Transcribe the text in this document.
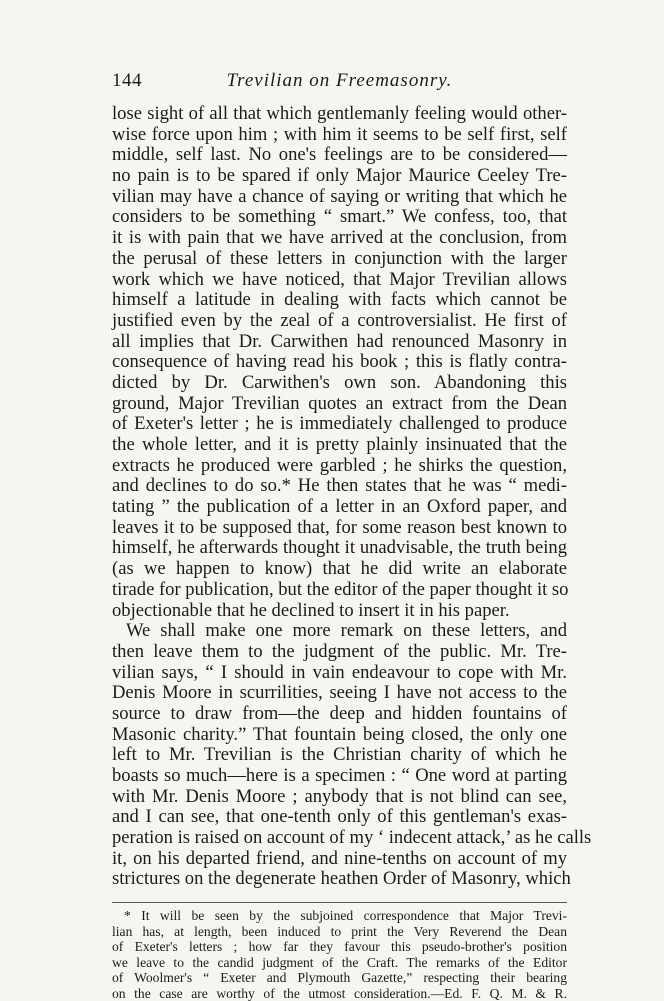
144	Trevilian on Freemasonry.
lose sight of all that which gentlemanly feeling would other-
wise force upon him ; with him it seems to be self first, self
middle, self last. No one's feelings are to be considered—
no pain is to be spared if only Major Maurice Ceeley Tre-
vilian may have a chance of saying or writing that which he
considers to be something “ smart.” We confess, too, that
it is with pain that we have arrived at the conclusion, from
the perusal of these letters in conjunction with the larger
work which we have noticed, that Major Trevilian allows
himself a latitude in dealing with facts which cannot be
justified even by the zeal of a controversialist. He first of
all implies that Dr. Carwithen had renounced Masonry in
consequence of having read his book ; this is flatly contra-
dicted by Dr. Carwithen's own son. Abandoning this
ground, Major Trevilian quotes an extract from the Dean
of Exeter's letter ; he is immediately challenged to produce
the whole letter, and it is pretty plainly insinuated that the
extracts he produced were garbled ; he shirks the question,
and declines to do so.* He then states that he was “ medi-
tating ” the publication of a letter in an Oxford paper, and
leaves it to be supposed that, for some reason best known to
himself, he afterwards thought it unadvisable, the truth being
(as we happen to know) that he did write an elaborate
tirade for publication, but the editor of the paper thought it so
objectionable that he declined to insert it in his paper.
We shall make one more remark on these letters, and
then leave them to the judgment of the public. Mr. Tre-
vilian says, “ I should in vain endeavour to cope with Mr.
Denis Moore in scurrilities, seeing I have not access to the
source to draw from—the deep and hidden fountains of
Masonic charity.” That fountain being closed, the only one
left to Mr. Trevilian is the Christian charity of which he
boasts so much—here is a specimen : “ One word at parting
with Mr. Denis Moore ; anybody that is not blind can see,
and I can see, that one-tenth only of this gentleman's exas-
peration is raised on account of my ‘ indecent attack,’ as he calls
it, on his departed friend, and nine-tenths on account of my
strictures on the degenerate heathen Order of Masonry, which
* It will be seen by the subjoined correspondence that Major Trevi-
lian has, at length, been induced to print the Very Reverend the Dean
of Exeter's letters ; how far they favour this pseudo-brother's position
we leave to the candid judgment of the Craft. The remarks of the Editor
of Woolmer's “ Exeter and Plymouth Gazette,” respecting their bearing
on the case are worthy of the utmost consideration.—Ed. F. Q. M. & R.
